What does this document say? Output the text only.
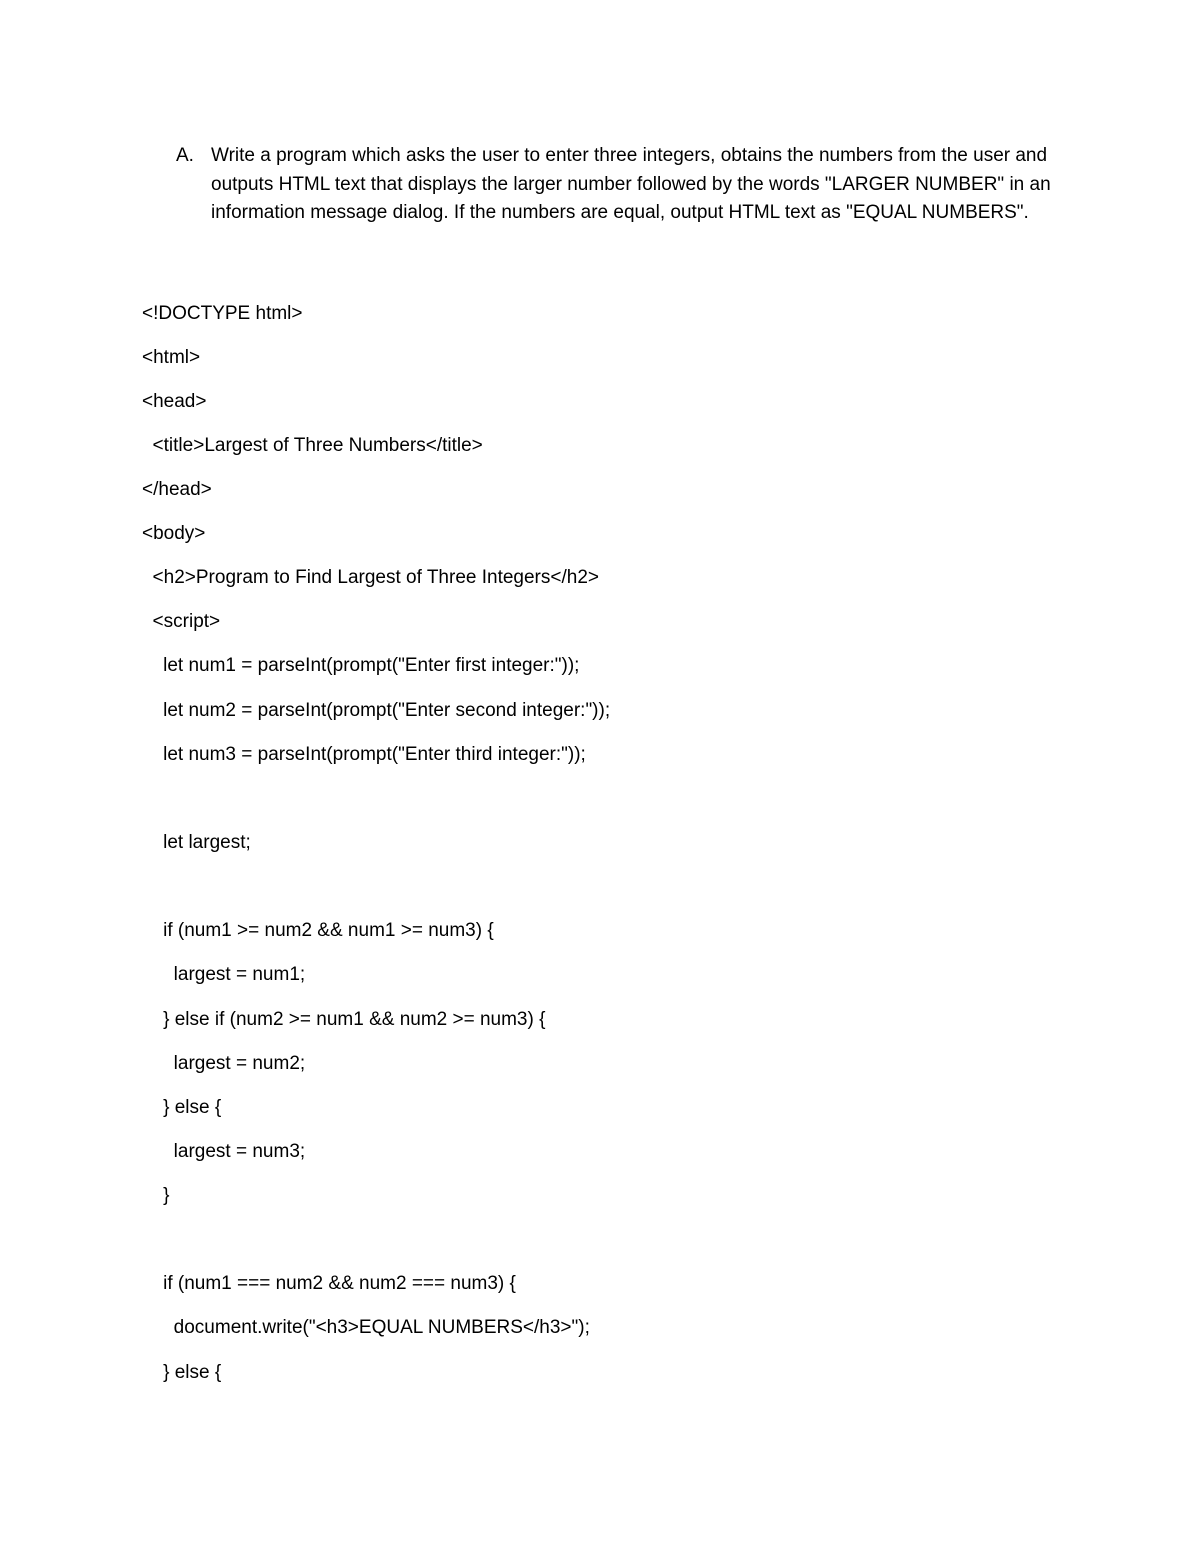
A. Write a program which asks the user to enter three integers, obtains the numbers from the user and outputs HTML text that displays the larger number followed by the words "LARGER NUMBER" in an information message dialog. If the numbers are equal, output HTML text as "EQUAL NUMBERS".
<!DOCTYPE html>
<html>
<head>
<title>Largest of Three Numbers</title>
</head>
<body>
<h2>Program to Find Largest of Three Integers</h2>
<script>
let num1 = parseInt(prompt("Enter first integer:"));
let num2 = parseInt(prompt("Enter second integer:"));
let num3 = parseInt(prompt("Enter third integer:"));
let largest;
if (num1 >= num2 && num1 >= num3) {
largest = num1;
} else if (num2 >= num1 && num2 >= num3) {
largest = num2;
} else {
largest = num3;
}
if (num1 === num2 && num2 === num3) {
document.write("<h3>EQUAL NUMBERS</h3>");
} else {
